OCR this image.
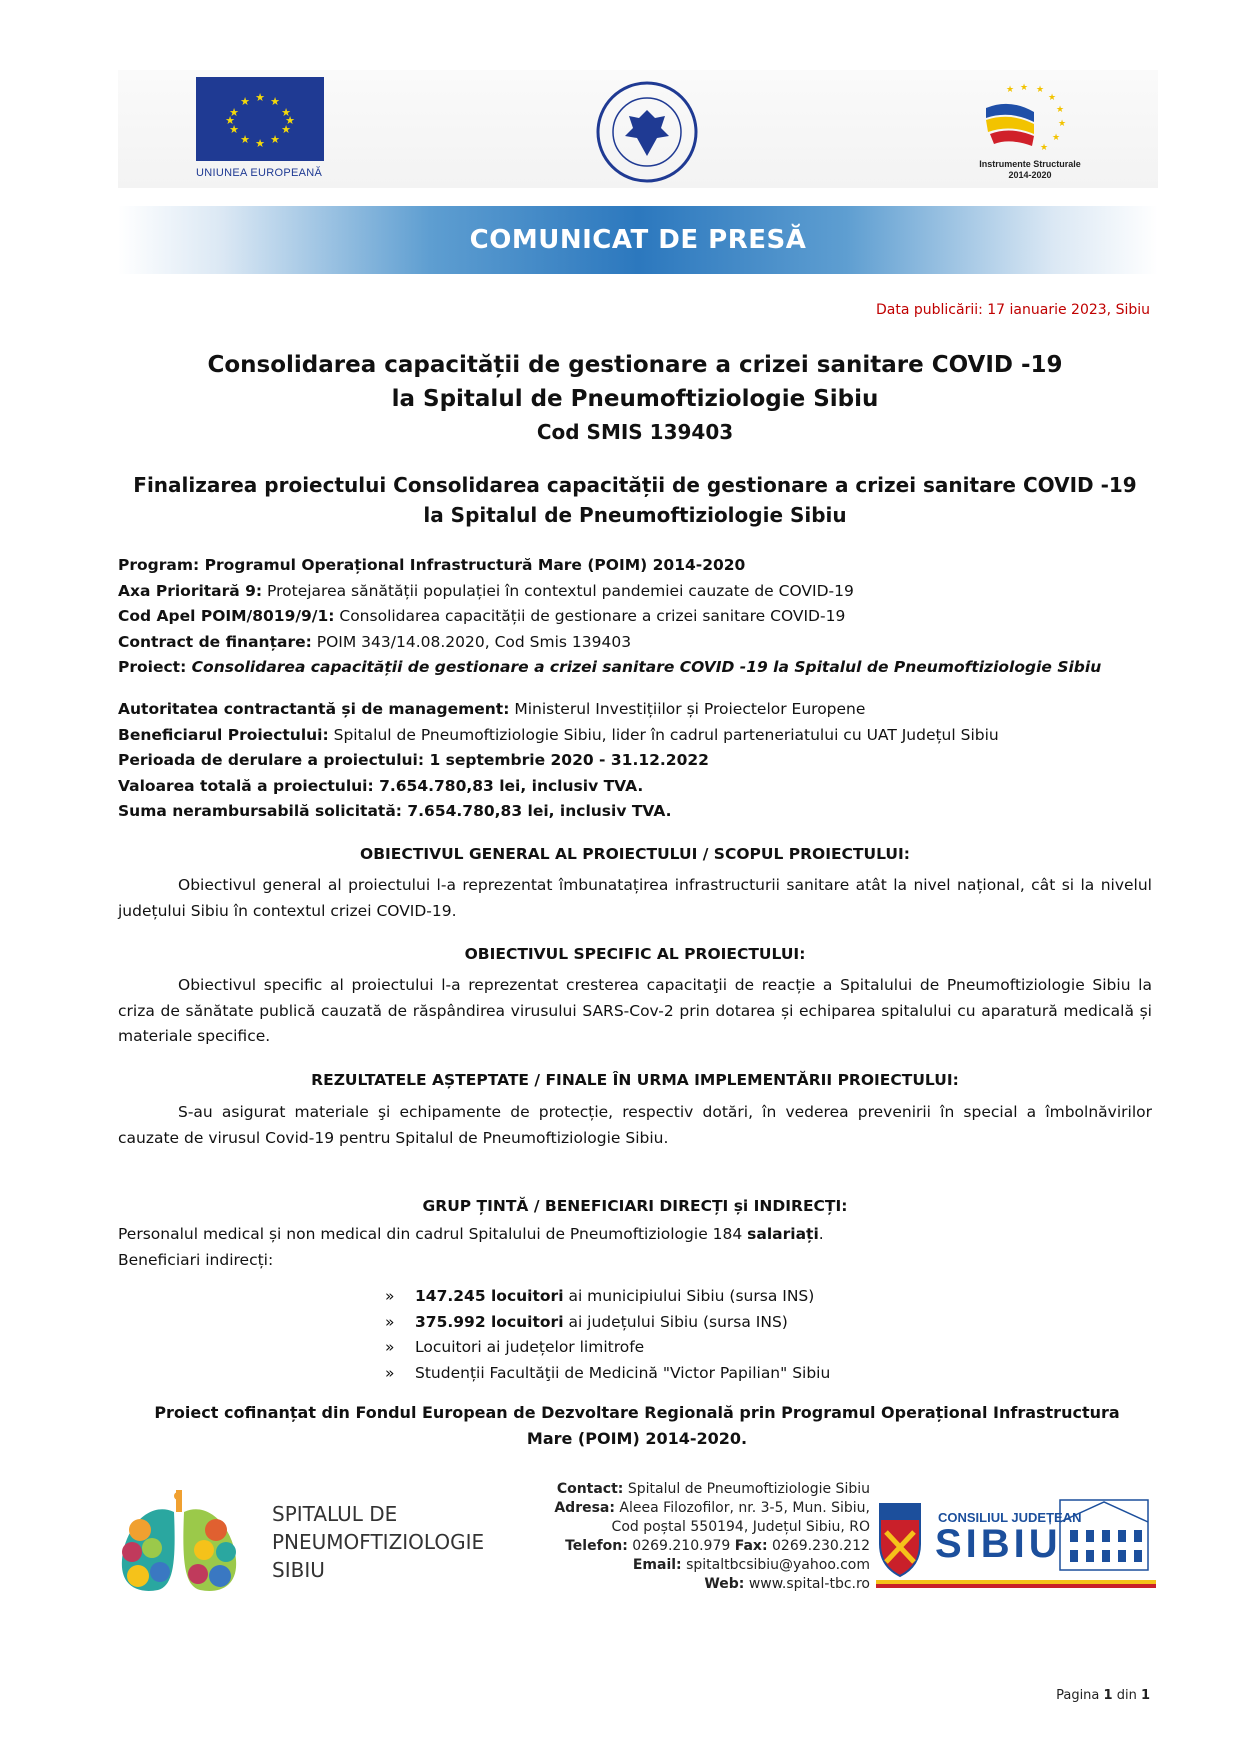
★ ★
★
★
★
★
★
★
★
★
★
★
UNIUNEA EUROPEANĂ
★ ★
★
★
★
★
★
★
Instrumente Structurale
2014-2020
COMUNICAT DE PRESĂ
Data publicării: 17 ianuarie 2023, Sibiu
Consolidarea capacității de gestionare a crizei sanitare COVID -19
la Spitalul de Pneumoftiziologie Sibiu
Cod SMIS 139403
Finalizarea proiectului Consolidarea capacității de gestionare a crizei sanitare COVID -19 la Spitalul de Pneumoftiziologie Sibiu
Program: Programul Operațional Infrastructură Mare (POIM) 2014-2020
Axa Prioritară 9: Protejarea sănătății populației în contextul pandemiei cauzate de COVID-19
Cod Apel POIM/8019/9/1: Consolidarea capacității de gestionare a crizei sanitare COVID-19
Contract de finanțare: POIM 343/14.08.2020, Cod Smis 139403
Proiect: Consolidarea capacității de gestionare a crizei sanitare COVID -19 la Spitalul de Pneumoftiziologie Sibiu
Autoritatea contractantă și de management: Ministerul Investițiilor și Proiectelor Europene
Beneficiarul Proiectului: Spitalul de Pneumoftiziologie Sibiu, lider în cadrul parteneriatului cu UAT Județul Sibiu
Perioada de derulare a proiectului: 1 septembrie 2020 - 31.12.2022
Valoarea totală a proiectului: 7.654.780,83 lei, inclusiv TVA.
Suma nerambursabilă solicitată: 7.654.780,83 lei, inclusiv TVA.
OBIECTIVUL GENERAL AL PROIECTULUI / SCOPUL PROIECTULUI:
Obiectivul general al proiectului l-a reprezentat îmbunatațirea infrastructurii sanitare atât la nivel național, cât si la nivelul județului Sibiu în contextul crizei COVID-19.
OBIECTIVUL SPECIFIC AL PROIECTULUI:
Obiectivul specific al proiectului l-a reprezentat cresterea capacitaţii de reacție a Spitalului de Pneumoftiziologie Sibiu la criza de sănătate publică cauzată de răspândirea virusului SARS-Cov-2 prin dotarea și echiparea spitalului cu aparatură medicală și materiale specifice.
REZULTATELE AȘTEPTATE / FINALE ÎN URMA IMPLEMENTĂRII PROIECTULUI:
S-au asigurat materiale şi echipamente de protecție, respectiv dotări, în vederea prevenirii în special a îmbolnăvirilor cauzate de virusul Covid-19 pentru Spitalul de Pneumoftiziologie Sibiu.
GRUP ȚINTĂ / BENEFICIARI DIRECȚI și INDIRECȚI:
Personalul medical și non medical din cadrul Spitalului de Pneumoftiziologie 184 salariați.
Beneficiari indirecți:
»	147.245 locuitori ai municipiului Sibiu (sursa INS)
»	375.992 locuitori ai județului Sibiu (sursa INS)
»	Locuitori ai județelor limitrofe
»	Studenții Facultăţii de Medicină "Victor Papilian" Sibiu
Proiect cofinanțat din Fondul European de Dezvoltare Regională prin Programul Operațional Infrastructura Mare (POIM) 2014-2020.
SPITALUL DE
PNEUMOFTIZIOLOGIE
SIBIU
Contact: Spitalul de Pneumoftiziologie Sibiu
Adresa: Aleea Filozofilor, nr. 3-5, Mun. Sibiu,
Cod poștal 550194, Județul Sibiu, RO
Telefon: 0269.210.979 Fax: 0269.230.212
Email: spitaltbcsibiu@yahoo.com
Web: www.spital-tbc.ro
CONSILIUL JUDEȚEAN
SIBIU
Pagina 1 din 1
